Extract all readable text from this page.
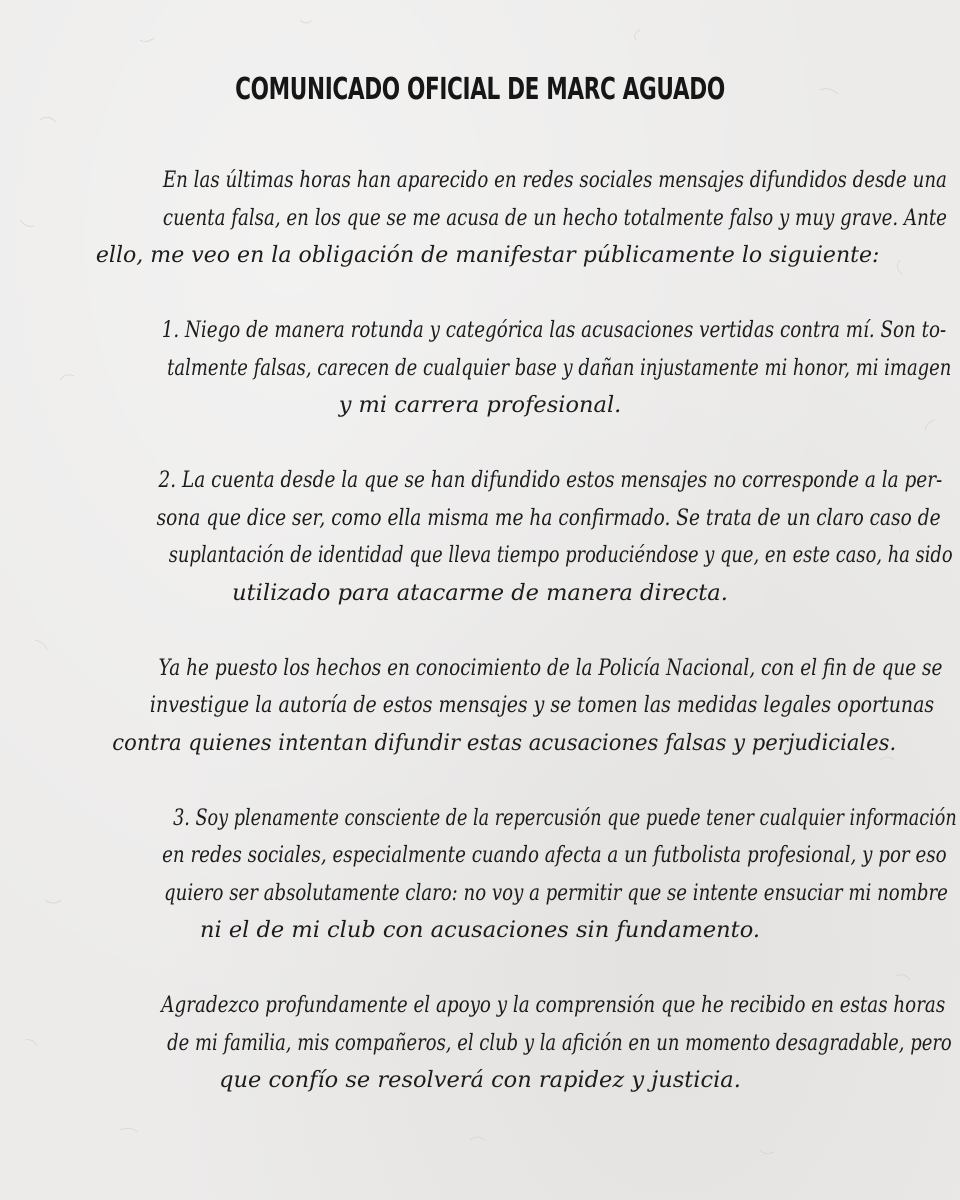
COMUNICADO OFICIAL DE MARC AGUADO

En las últimas horas han aparecido en redes sociales mensajes difundidos desde una
cuenta falsa, en los que se me acusa de un hecho totalmente falso y muy grave. Ante
ello, me veo en la obligación de manifestar públicamente lo siguiente:

1. Niego de manera rotunda y categórica las acusaciones vertidas contra mí. Son to-
talmente falsas, carecen de cualquier base y dañan injustamente mi honor, mi imagen
y mi carrera profesional.

2. La cuenta desde la que se han difundido estos mensajes no corresponde a la per-
sona que dice ser, como ella misma me ha confirmado. Se trata de un claro caso de
suplantación de identidad que lleva tiempo produciéndose y que, en este caso, ha sido
utilizado para atacarme de manera directa.

Ya he puesto los hechos en conocimiento de la Policía Nacional, con el fin de que se
investigue la autoría de estos mensajes y se tomen las medidas legales oportunas
contra quienes intentan difundir estas acusaciones falsas y perjudiciales.

3. Soy plenamente consciente de la repercusión que puede tener cualquier información
en redes sociales, especialmente cuando afecta a un futbolista profesional, y por eso
quiero ser absolutamente claro: no voy a permitir que se intente ensuciar mi nombre
ni el de mi club con acusaciones sin fundamento.

Agradezco profundamente el apoyo y la comprensión que he recibido en estas horas
de mi familia, mis compañeros, el club y la afición en un momento desagradable, pero
que confío se resolverá con rapidez y justicia.
